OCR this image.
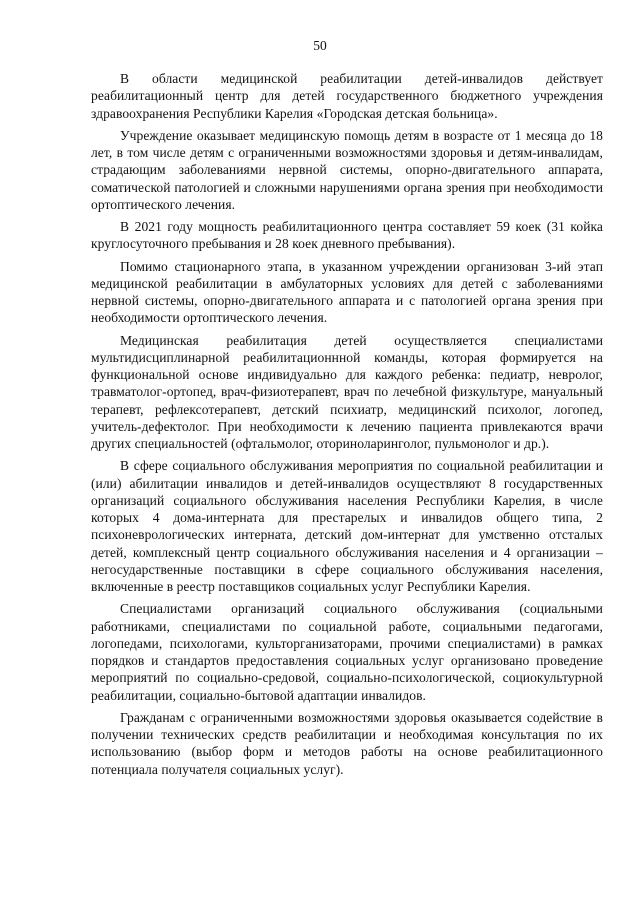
50

В области медицинской реабилитации детей-инвалидов действует реабилитационный центр для детей государственного бюджетного учреждения здравоохранения Республики Карелия «Городская детская больница».

Учреждение оказывает медицинскую помощь детям в возрасте от 1 месяца до 18 лет, в том числе детям с ограниченными возможностями здоровья и детям-инвалидам, страдающим заболеваниями нервной системы, опорно-двигательного аппарата, соматической патологией и сложными нарушениями органа зрения при необходимости ортоптического лечения.

В 2021 году мощность реабилитационного центра составляет 59 коек (31 койка круглосуточного пребывания и 28 коек дневного пребывания).

Помимо стационарного этапа, в указанном учреждении организован 3-ий этап медицинской реабилитации в амбулаторных условиях для детей с заболеваниями нервной системы, опорно-двигательного аппарата и с патологией органа зрения при необходимости ортоптического лечения.

Медицинская реабилитация детей осуществляется специалистами мультидисциплинарной реабилитационнной команды, которая формируется на функциональной основе индивидуально для каждого ребенка: педиатр, невролог, травматолог-ортопед, врач-физиотерапевт, врач по лечебной физкультуре, мануальный терапевт, рефлексотерапевт, детский психиатр, медицинский психолог, логопед, учитель-дефектолог. При необходимости к лечению пациента привлекаются врачи других специальностей (офтальмолог, оториноларинголог, пульмонолог и др.).

В сфере социального обслуживания мероприятия по социальной реабилитации и (или) абилитации инвалидов и детей-инвалидов осуществляют 8 государственных организаций социального обслуживания населения Республики Карелия, в числе которых 4 дома-интерната для престарелых и инвалидов общего типа, 2 психоневрологических интерната, детский дом-интернат для умственно отсталых детей, комплексный центр социального обслуживания населения и 4 организации – негосударственные поставщики в сфере социального обслуживания населения, включенные в реестр поставщиков социальных услуг Республики Карелия.

Специалистами организаций социального обслуживания (социальными работниками, специалистами по социальной работе, социальными педагогами, логопедами, психологами, культорганизаторами, прочими специалистами) в рамках порядков и стандартов предоставления социальных услуг организовано проведение мероприятий по социально-средовой, социально-психологической, социокультурной реабилитации, социально-бытовой адаптации инвалидов.

Гражданам с ограниченными возможностями здоровья оказывается содействие в получении технических средств реабилитации и необходимая консультация по их использованию (выбор форм и методов работы на основе реабилитационного потенциала получателя социальных услуг).
